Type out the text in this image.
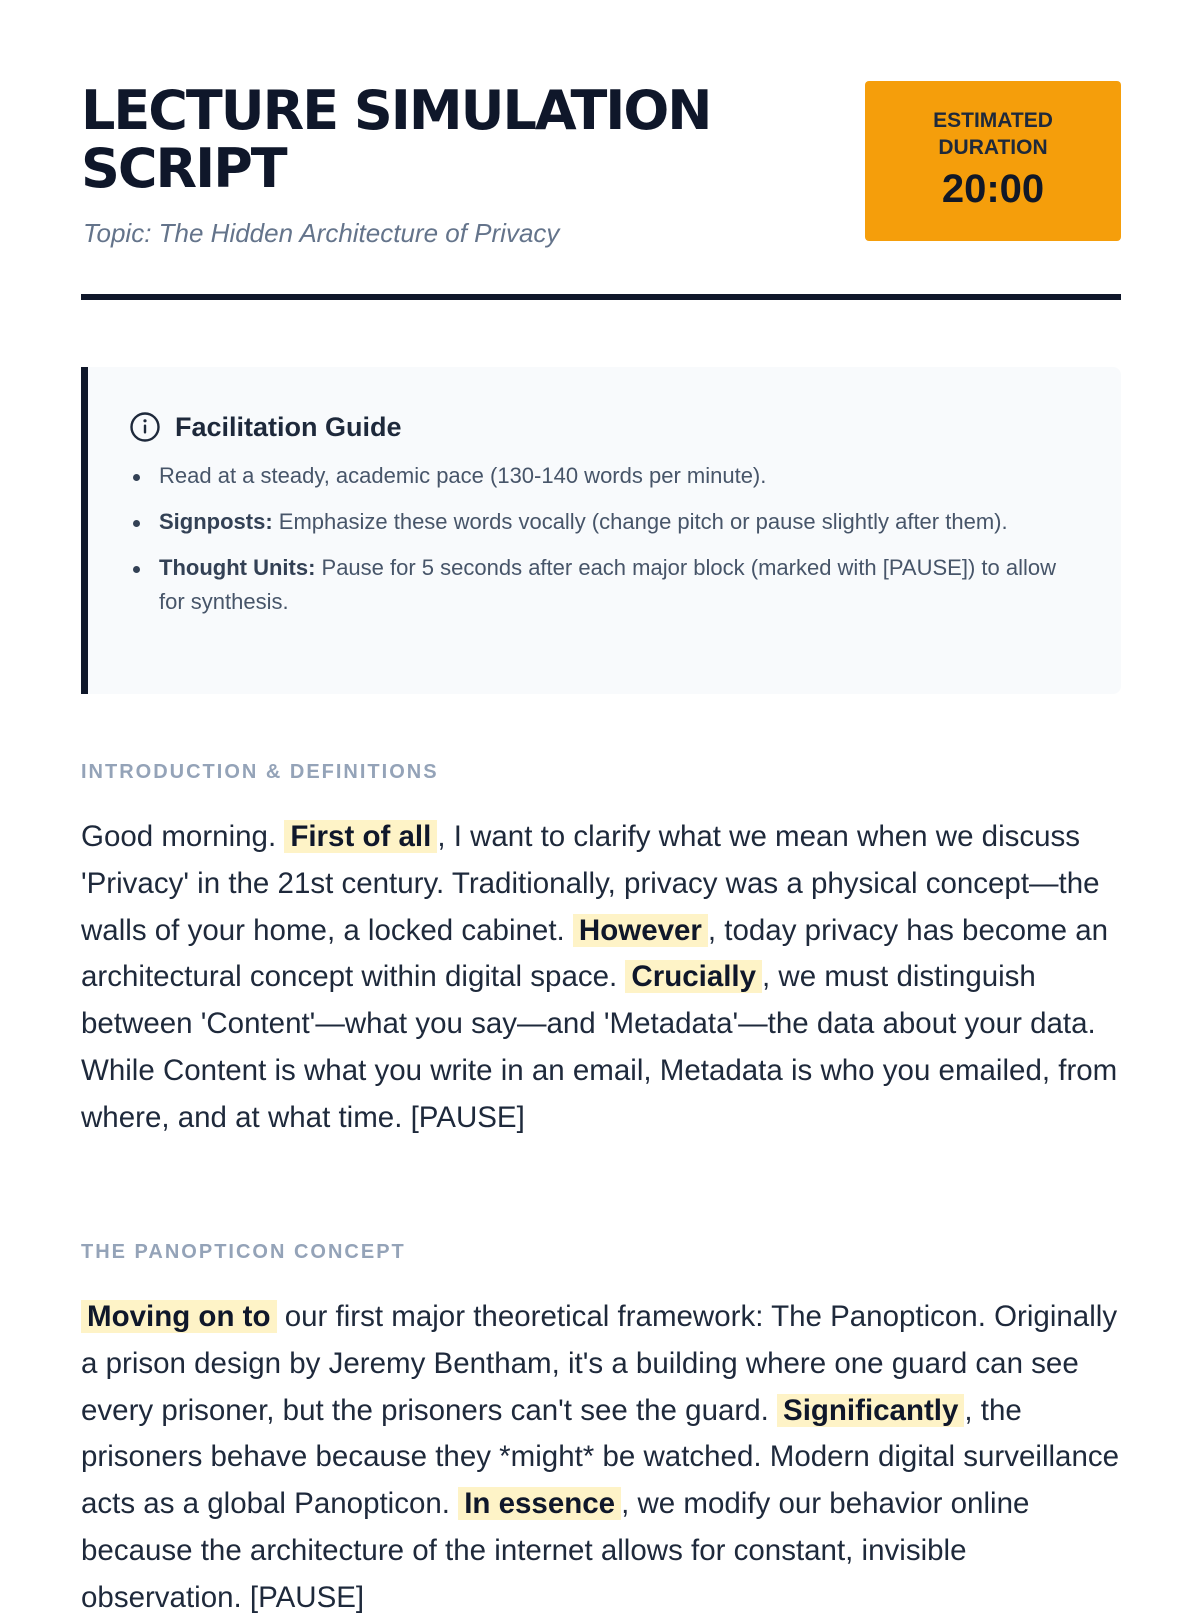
LECTURE SIMULATION
SCRIPT
Topic: The Hidden Architecture of Privacy
ESTIMATED
DURATION
20:00
Facilitation Guide
Read at a steady, academic pace (130-140 words per minute).
Signposts: Emphasize these words vocally (change pitch or pause slightly after them).
Thought Units: Pause for 5 seconds after each major block (marked with [PAUSE]) to allow for synthesis.
INTRODUCTION & DEFINITIONS

Good morning. First of all , I want to clarify what we mean when we discuss 'Privacy' in the 21st century. Traditionally, privacy was a physical concept—the walls of your home, a locked cabinet. However , today privacy has become an architectural concept within digital space. Crucially , we must distinguish between 'Content'—what you say—and 'Metadata'—the data about your data. While Content is what you write in an email, Metadata is who you emailed, from where, and at what time. [PAUSE]

THE PANOPTICON CONCEPT

Moving on to our first major theoretical framework: The Panopticon. Originally a prison design by Jeremy Bentham, it's a building where one guard can see every prisoner, but the prisoners can't see the guard. Significantly , the prisoners behave because they *might* be watched. Modern digital surveillance acts as a global Panopticon. In essence , we modify our behavior online because the architecture of the internet allows for constant, invisible observation. [PAUSE]
